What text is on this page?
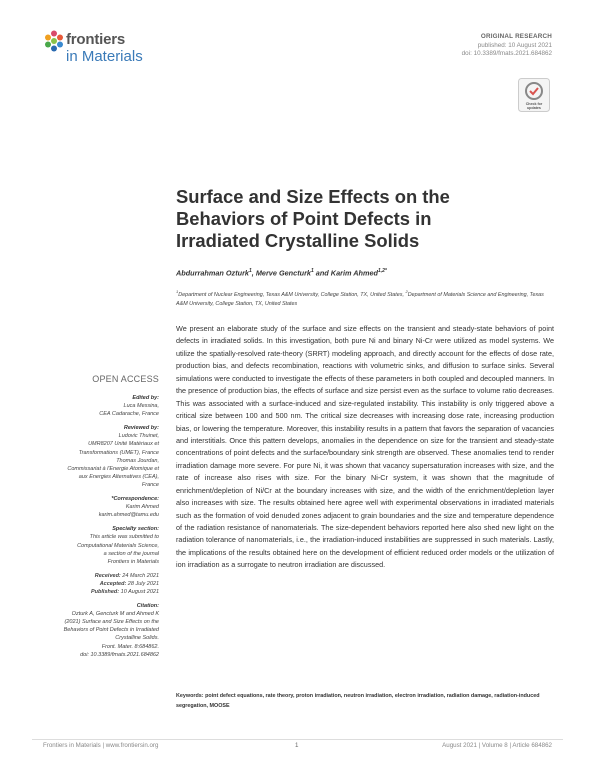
frontiers
in Materials
ORIGINAL RESEARCH
published: 10 August 2021
doi: 10.3389/fmats.2021.684862
Check for updates
Surface and Size Effects on the Behaviors of Point Defects in Irradiated Crystalline Solids
Abdurrahman Ozturk$^1$, Merve Gencturk$^1$ and Karim Ahmed$^{1,2*}$
$^1$Department of Nuclear Engineering, Texas A&M University, College Station, TX, United States, $^2$Department of Materials Science and Engineering, Texas A&M University, College Station, TX, United States
We present an elaborate study of the surface and size effects on the transient and steady-state behaviors of point defects in irradiated solids. In this investigation, both pure Ni and binary Ni-Cr were utilized as model systems. We utilize the spatially-resolved rate-theory (SRRT) modeling approach, and directly account for the effects of dose rate, production bias, and defects recombination, reactions with volumetric sinks, and diffusion to surface sinks. Several simulations were conducted to investigate the effects of these parameters in both coupled and decoupled manners. In the presence of production bias, the effects of surface and size persist even as the surface to volume ratio decreases. This was associated with a surface-induced and size-regulated instability. This instability is only triggered above a critical size between 100 and 500 nm. The critical size decreases with increasing dose rate, increasing production bias, or lowering the temperature. Moreover, this instability results in a pattern that favors the separation of vacancies and interstitials. Once this pattern develops, anomalies in the dependence on size for the transient and steady-state concentrations of point defects and the surface/boundary sink strength are observed. These anomalies tend to render irradiation damage more severe. For pure Ni, it was shown that vacancy supersaturation increases with size, and the rate of increase also rises with size. For the binary Ni-Cr system, it was shown that the magnitude of enrichment/depletion of Ni/Cr at the boundary increases with size, and the width of the enrichment/depletion layer also increases with size. The results obtained here agree well with experimental observations in irradiated materials such as the formation of void denuded zones adjacent to grain boundaries and the size and temperature dependence of the radiation resistance of nanomaterials. The size-dependent behaviors reported here also shed new light on the radiation tolerance of nanomaterials, i.e., the irradiation-induced instabilities are suppressed in such materials. Lastly, the implications of the results obtained here on the development of efficient reduced order models or the utilization of ion irradiation as a surrogate to neutron irradiation are discussed.
Keywords: point defect equations, rate theory, proton irradiation, neutron irradiation, electron irradiation, radiation damage, radiation-induced segregation, MOOSE
OPEN ACCESS
Edited by:
Luca Messina,
CEA Cadarache, France
Reviewed by:
Ludovic Thuinet,
UMR8207 Unité Matériaux et
Transformations (UMET), France
Thomas Jourdan,
Commissariat à l'Energie Atomique et
aux Energies Alternatives (CEA),
France
*Correspondence:
Karim Ahmed
karim.ahmed@tamu.edu
Specialty section:
This article was submitted to
Computational Materials Science,
a section of the journal
Frontiers in Materials
Received: 24 March 2021
Accepted: 28 July 2021
Published: 10 August 2021
Citation:
Ozturk A, Gencturk M and Ahmed K
(2021) Surface and Size Effects on the
Behaviors of Point Defects in Irradiated
Crystalline Solids.
Front. Mater. 8:684862.
doi: 10.3389/fmats.2021.684862
Frontiers in Materials | www.frontiersin.org	1	August 2021 | Volume 8 | Article 684862
